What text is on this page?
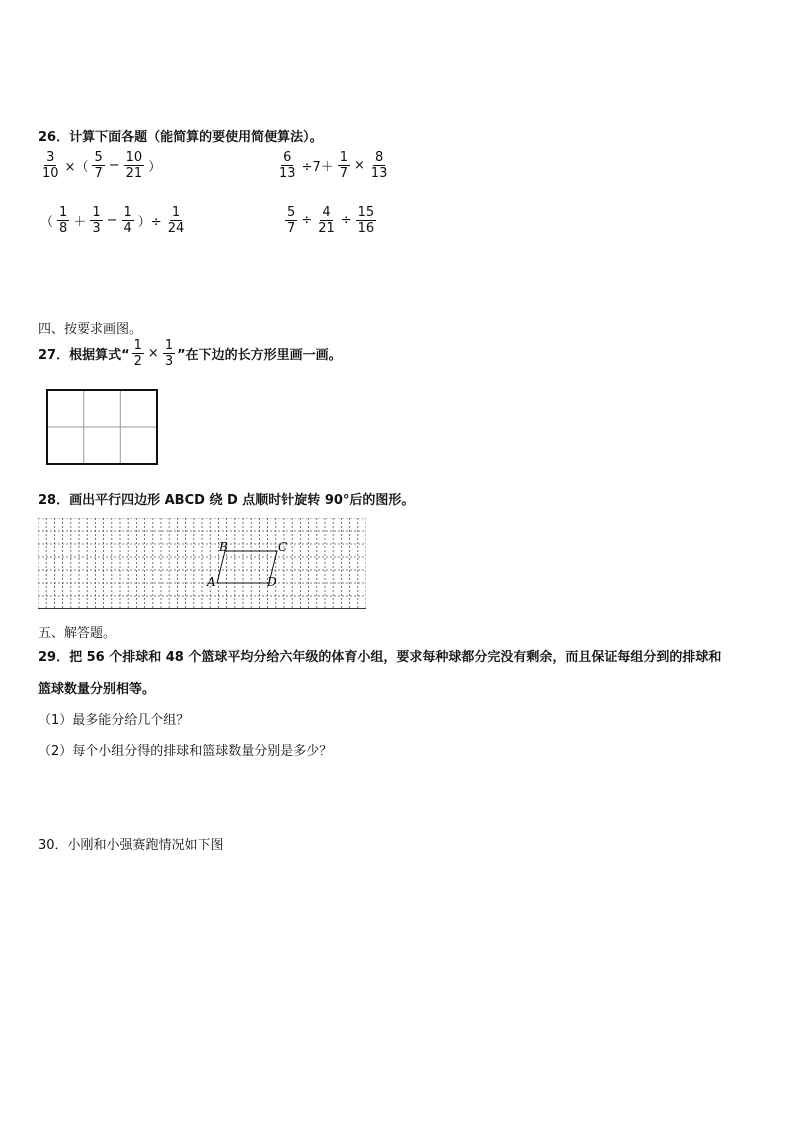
26．计算下面各题（能简算的要使用简便算法）。
$\frac{3}{10}$ ×（ $\frac{5}{7} - \frac{10}{21}$ ）	$\frac{6}{13} \div 7+ \frac{1}{7} \times \frac{8}{13}$
（ $\frac{1}{8} + \frac{1}{3} - \frac{1}{4}$ ）÷ $\frac{1}{24}$	$\frac{5}{7} \div \frac{4}{21} \div \frac{15}{16}$
四、按要求画图。
27．根据算式“ $\frac{1}{2} \times \frac{1}{3}$ ”在下边的长方形里画一画。
28．画出平行四边形 ABCD 绕 D 点顺时针旋转 90°后的图形。
A
B	C
D
五、解答题。
29．把 56 个排球和 48 个篮球平均分给六年级的体育小组，要求每种球都分完没有剩余，而且保证每组分到的排球和
篮球数量分别相等。
（1）最多能分给几个组？
（2）每个小组分得的排球和篮球数量分别是多少？
30．小刚和小强赛跑情况如下图
